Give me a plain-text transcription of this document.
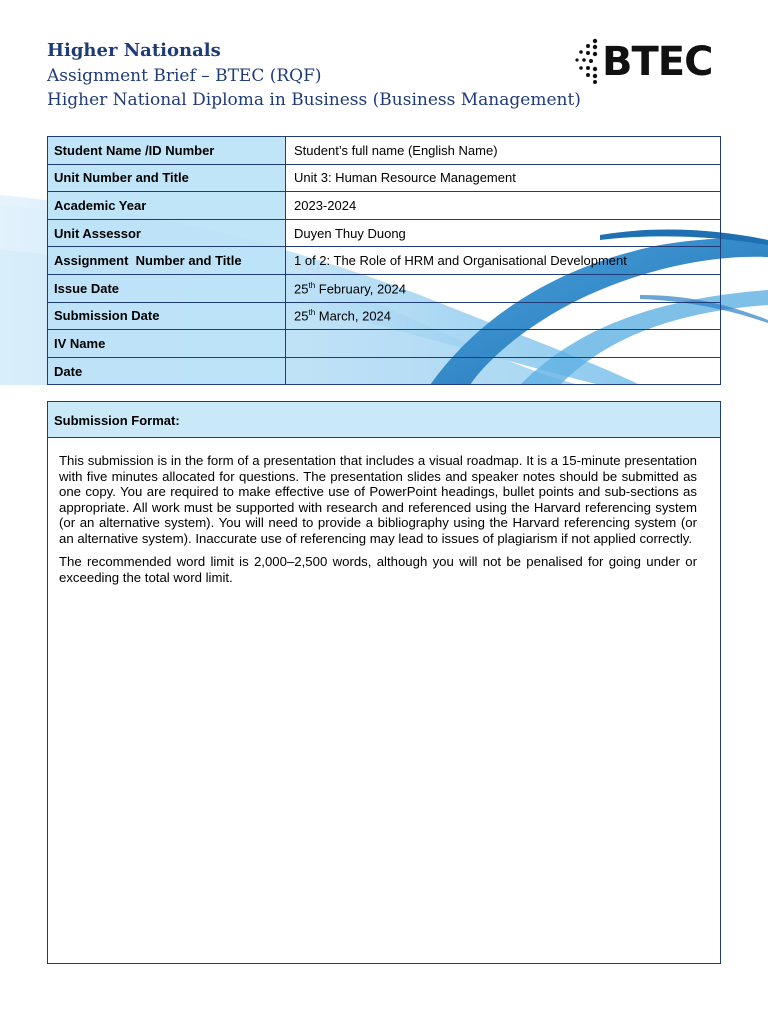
Higher Nationals
Assignment Brief – BTEC (RQF)
Higher National Diploma in Business (Business Management)
BTEC
Student Name /ID Number	Student’s full name (English Name)
Unit Number and Title	Unit 3: Human Resource Management
Academic Year	2023-2024
Unit Assessor	Duyen Thuy Duong
Assignment  Number and Title	1 of 2: The Role of HRM and Organisational Development
Issue Date	25th February, 2024
Submission Date	25th March, 2024
IV Name	
Date	
Submission Format:

This submission is in the form of a presentation that includes a visual roadmap. It is a 15-minute presentation with five minutes allocated for questions. The presentation slides and speaker notes should be submitted as one copy. You are required to make effective use of PowerPoint headings, bullet points and sub-sections as appropriate. All work must be supported with research and referenced using the Harvard referencing system (or an alternative system). You will need to provide a bibliography using the Harvard referencing system (or an alternative system). Inaccurate use of referencing may lead to issues of plagiarism if not applied correctly.

The recommended word limit is 2,000–2,500 words, although you will not be penalised for going under or exceeding the total word limit.
